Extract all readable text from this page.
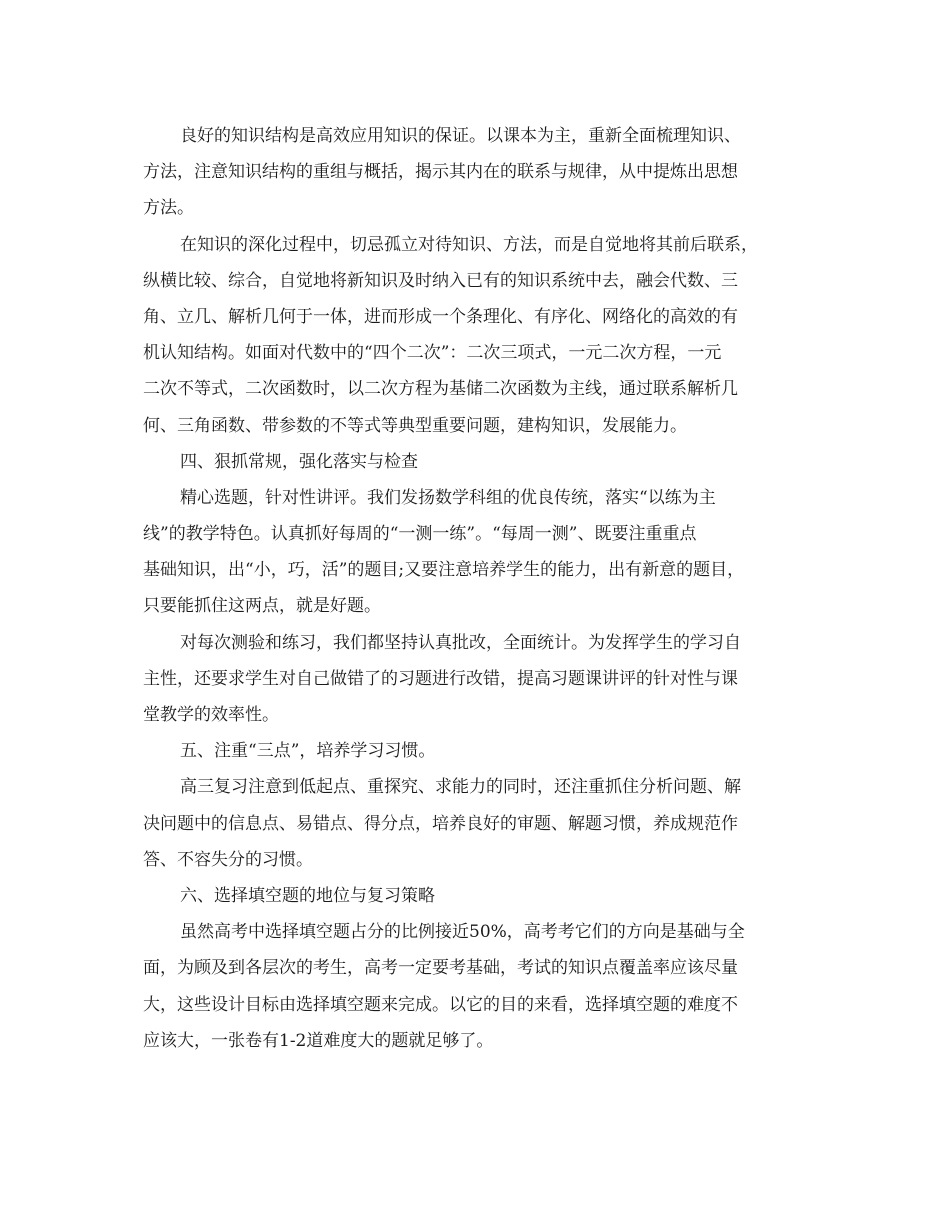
良好的知识结构是高效应用知识的保证。以课本为主，重新全面梳理知识、
方法，注意知识结构的重组与概括，揭示其内在的联系与规律，从中提炼出思想
方法。
在知识的深化过程中，切忌孤立对待知识、方法，而是自觉地将其前后联系，
纵横比较、综合，自觉地将新知识及时纳入已有的知识系统中去，融会代数、三
角、立几、解析几何于一体，进而形成一个条理化、有序化、网络化的高效的有
机认知结构。如面对代数中的“四个二次”：二次三项式，一元二次方程，一元
二次不等式，二次函数时，以二次方程为基储二次函数为主线，通过联系解析几
何、三角函数、带参数的不等式等典型重要问题，建构知识，发展能力。
四、狠抓常规，强化落实与检查
精心选题，针对性讲评。我们发扬数学科组的优良传统，落实“以练为主
线”的教学特色。认真抓好每周的“一测一练”。“每周一测”、既要注重重点
基础知识，出“小，巧，活”的题目;又要注意培养学生的能力，出有新意的题目，
只要能抓住这两点，就是好题。
对每次测验和练习，我们都坚持认真批改，全面统计。为发挥学生的学习自
主性，还要求学生对自己做错了的习题进行改错，提高习题课讲评的针对性与课
堂教学的效率性。
五、注重“三点”，培养学习习惯。
高三复习注意到低起点、重探究、求能力的同时，还注重抓住分析问题、解
决问题中的信息点、易错点、得分点，培养良好的审题、解题习惯，养成规范作
答、不容失分的习惯。
六、选择填空题的地位与复习策略
虽然高考中选择填空题占分的比例接近50%，高考考它们的方向是基础与全
面，为顾及到各层次的考生，高考一定要考基础，考试的知识点覆盖率应该尽量
大，这些设计目标由选择填空题来完成。以它的目的来看，选择填空题的难度不
应该大，一张卷有1-2道难度大的题就足够了。
